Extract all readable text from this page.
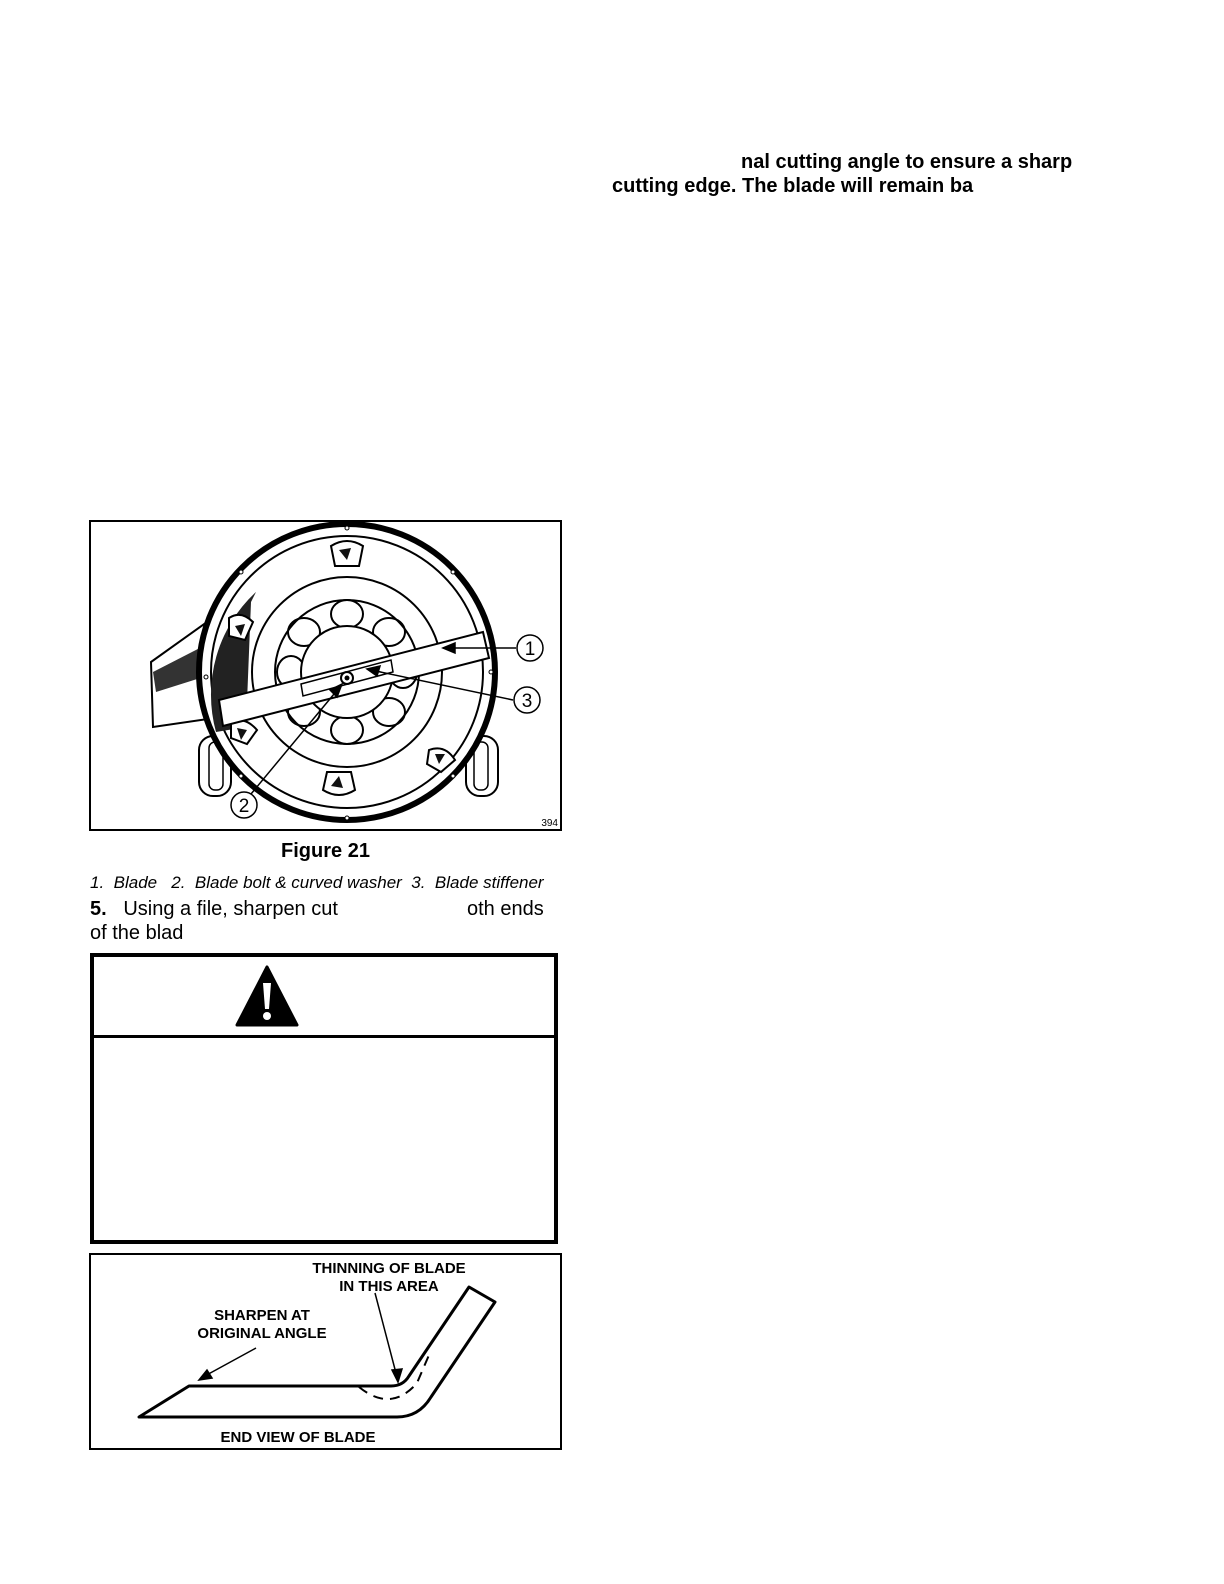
nal cutting angle to ensure a sharp
cutting edge. The blade will remain ba
1
3
2
394
Figure 21
1.  Blade   2.  Blade bolt & curved washer  3.  Blade stiffener
5. Using a file, sharpen cut	oth ends
of the blad
THINNING OF BLADE
IN THIS AREA
SHARPEN AT
ORIGINAL ANGLE
END VIEW OF BLADE
